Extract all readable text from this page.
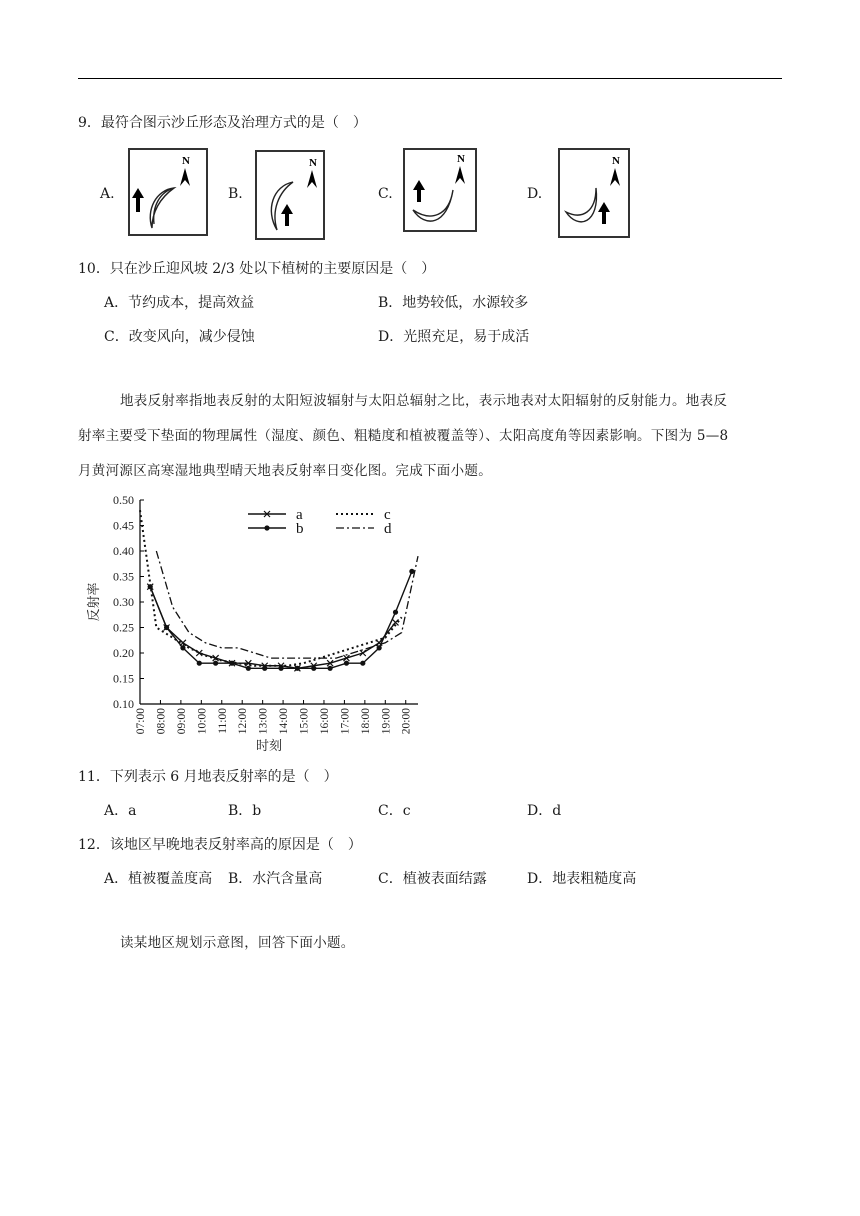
9．最符合图示沙丘形态及治理方式的是（　）
A.
N
B.
N
C.
N
D.
N
10．只在沙丘迎风坡 2/3 处以下植树的主要原因是（　）
A．节约成本，提高效益	B．地势较低，水源较多
C．改变风向，减少侵蚀	D．光照充足，易于成活
地表反射率指地表反射的太阳短波辐射与太阳总辐射之比，表示地表对太阳辐射的反射能力。地表反
射率主要受下垫面的物理属性（湿度、颜色、粗糙度和植被覆盖等）、太阳高度角等因素影响。下图为 5—8
月黄河源区高寒湿地典型晴天地表反射率日变化图。完成下面小题。
0.10
0.15
0.20
0.25
0.30
0.35
0.40
0.45
0.50
07:00 08:00 09:00 10:00 11:00 12:00 13:00 14:00 15:00 16:00 17:00 18:00 19:00 20:00
反射率
时刻
a
b
c
d
11．下列表示 6 月地表反射率的是（　）
A．a	B．b	C．c	D．d
12．该地区早晚地表反射率高的原因是（　）
A．植被覆盖度高 B．水汽含量高	C．植被表面结露	D．地表粗糙度高
读某地区规划示意图，回答下面小题。
